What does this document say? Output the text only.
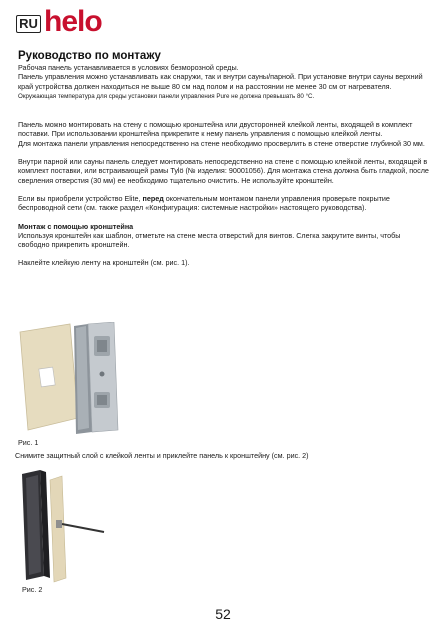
RU helo

Руководство по монтажу

Рабочая панель устанавливается в условиях безморозной среды.

Панель управления можно устанавливать как снаружи, так и внутри сауны/парной. При установке внутри сауны верхний край устройства должен находиться не выше 80 см над полом и на расстоянии не менее 30 см от нагревателя. Окружающая температура для среды установки панели управления Pure не должна превышать 80 °C.

Панель можно монтировать на стену с помощью кронштейна или двусторонней клейкой ленты, входящей в комплект поставки. При использовании кронштейна прикрепите к нему панель управления с помощью клейкой ленты.

Для монтажа панели управления непосредственно на стене необходимо просверлить в стене отверстие глубиной 30 мм.

Внутри парной или сауны панель следует монтировать непосредственно на стене с помощью клейкой ленты, входящей в комплект поставки, или встраивающей рамы Tylö (№ изделия: 90001056). Для монтажа стена должна быть гладкой, после сверления отверстия (30 мм) ее необходимо тщательно очистить. Не используйте кронштейн.

Если вы приобрели устройство Elite, перед окончательным монтажом панели управления проверьте покрытие беспроводной сети (см. также раздел «Конфигурация: системные настройки» настоящего руководства).

Монтаж с помощью кронштейна

Используя кронштейн как шаблон, отметьте на стене места отверстий для винтов. Слегка закрутите винты, чтобы свободно прикрепить кронштейн.

Наклейте клейкую ленту на кронштейн (см. рис. 1).

Рис. 1
Снимите защитный слой с клейкой ленты и приклейте панель к кронштейну (см. рис. 2)
Рис. 2
52
